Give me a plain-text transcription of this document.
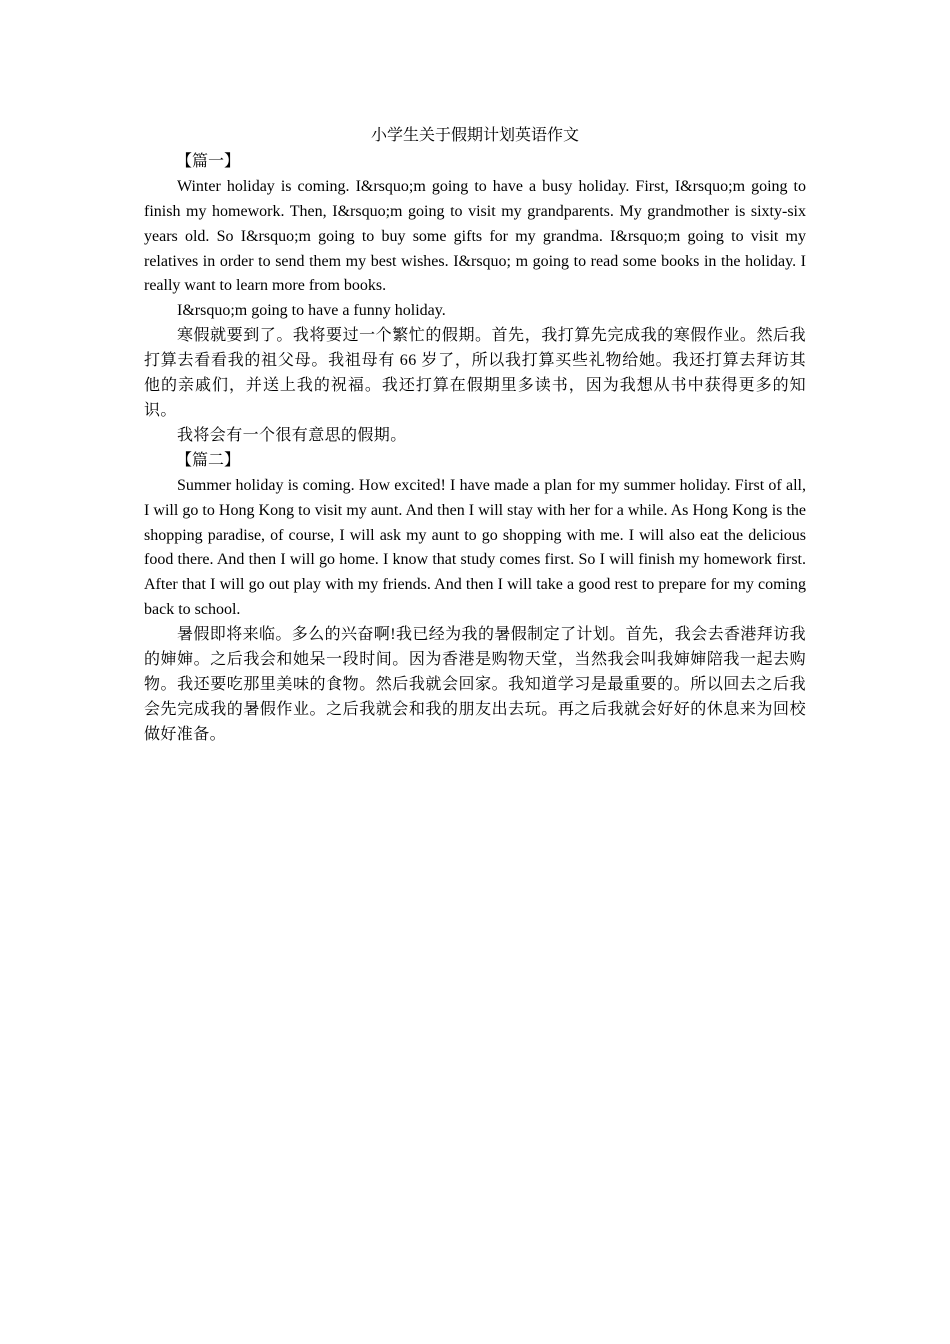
小学生关于假期计划英语作文

【篇一】

Winter holiday is coming. I&rsquo;m going to have a busy holiday. First, I&rsquo;m going to finish my homework. Then, I&rsquo;m going to visit my grandparents. My grandmother is sixty-six years old. So I&rsquo;m going to buy some gifts for my grandma. I&rsquo;m going to visit my relatives in order to send them my best wishes. I&rsquo; m going to read some books in the holiday. I really want to learn more from books.

I&rsquo;m going to have a funny holiday.

寒假就要到了。我将要过一个繁忙的假期。首先，我打算先完成我的寒假作业。然后我打算去看看我的祖父母。我祖母有 66 岁了，所以我打算买些礼物给她。我还打算去拜访其他的亲戚们，并送上我的祝福。我还打算在假期里多读书，因为我想从书中获得更多的知识。

我将会有一个很有意思的假期。

【篇二】

Summer holiday is coming. How excited! I have made a plan for my summer holiday. First of all, I will go to Hong Kong to visit my aunt. And then I will stay with her for a while. As Hong Kong is the shopping paradise, of course, I will ask my aunt to go shopping with me. I will also eat the delicious food there. And then I will go home. I know that study comes first. So I will finish my homework first. After that I will go out play with my friends. And then I will take a good rest to prepare for my coming back to school.

暑假即将来临。多么的兴奋啊!我已经为我的暑假制定了计划。首先，我会去香港拜访我的婶婶。之后我会和她呆一段时间。因为香港是购物天堂，当然我会叫我婶婶陪我一起去购物。我还要吃那里美味的食物。然后我就会回家。我知道学习是最重要的。所以回去之后我会先完成我的暑假作业。之后我就会和我的朋友出去玩。再之后我就会好好的休息来为回校做好准备。
